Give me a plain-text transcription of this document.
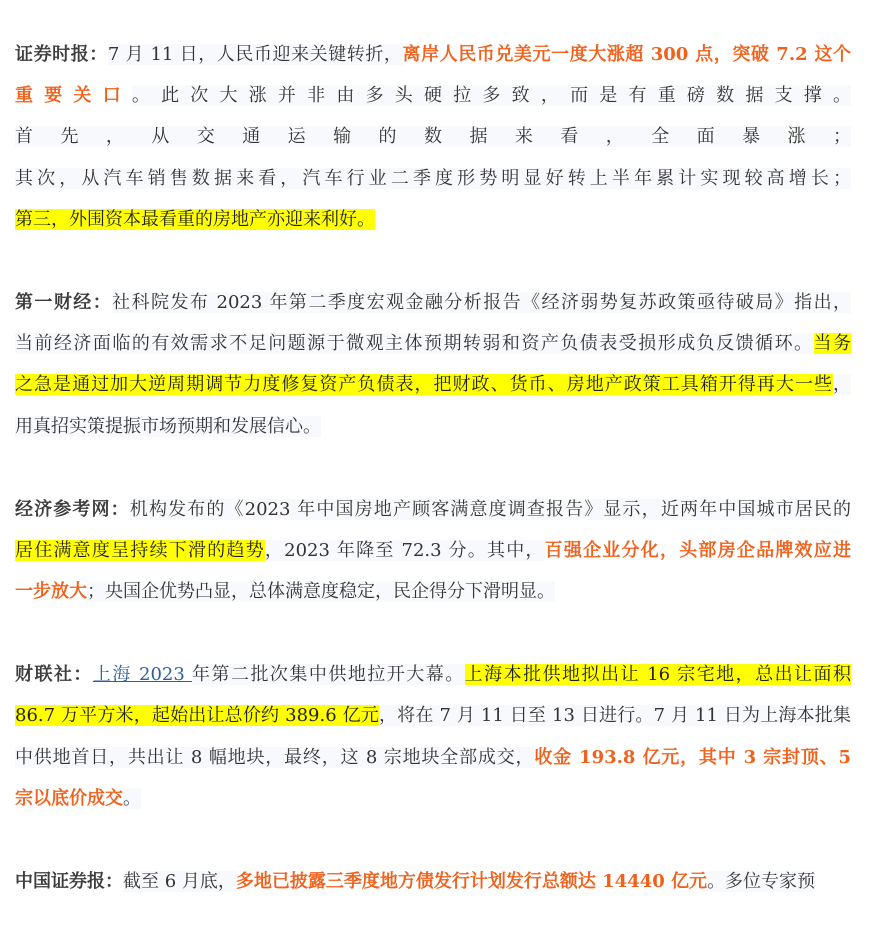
证券时报：7 月 11 日，人民币迎来关键转折，离岸人民币兑美元一度大涨超 300 点，突破 7.2 这个
重要关口。此次大涨并非由多头硬拉多致，而是有重磅数据支撑。
首先，从交通运输的数据来看，全面暴涨；
其次，从汽车销售数据来看，汽车行业二季度形势明显好转上半年累计实现较高增长；
第三，外围资本最看重的房地产亦迎来利好。
第一财经：社科院发布 2023 年第二季度宏观金融分析报告《经济弱势复苏政策亟待破局》指出，
当前经济面临的有效需求不足问题源于微观主体预期转弱和资产负债表受损形成负反馈循环。当务
之急是通过加大逆周期调节力度修复资产负债表，把财政、货币、房地产政策工具箱开得再大一些，
用真招实策提振市场预期和发展信心。
经济参考网：机构发布的《2023 年中国房地产顾客满意度调查报告》显示，近两年中国城市居民的
居住满意度呈持续下滑的趋势，2023 年降至 72.3 分。其中，百强企业分化，头部房企品牌效应进
一步放大；央国企优势凸显，总体满意度稳定，民企得分下滑明显。
财联社：上海 2023 年第二批次集中供地拉开大幕。上海本批供地拟出让 16 宗宅地，总出让面积
86.7 万平方米，起始出让总价约 389.6 亿元，将在 7 月 11 日至 13 日进行。7 月 11 日为上海本批集
中供地首日，共出让 8 幅地块，最终，这 8 宗地块全部成交，收金 193.8 亿元，其中 3 宗封顶、5
宗以底价成交。
中国证券报：截至 6 月底，多地已披露三季度地方债发行计划发行总额达 14440 亿元。多位专家预
